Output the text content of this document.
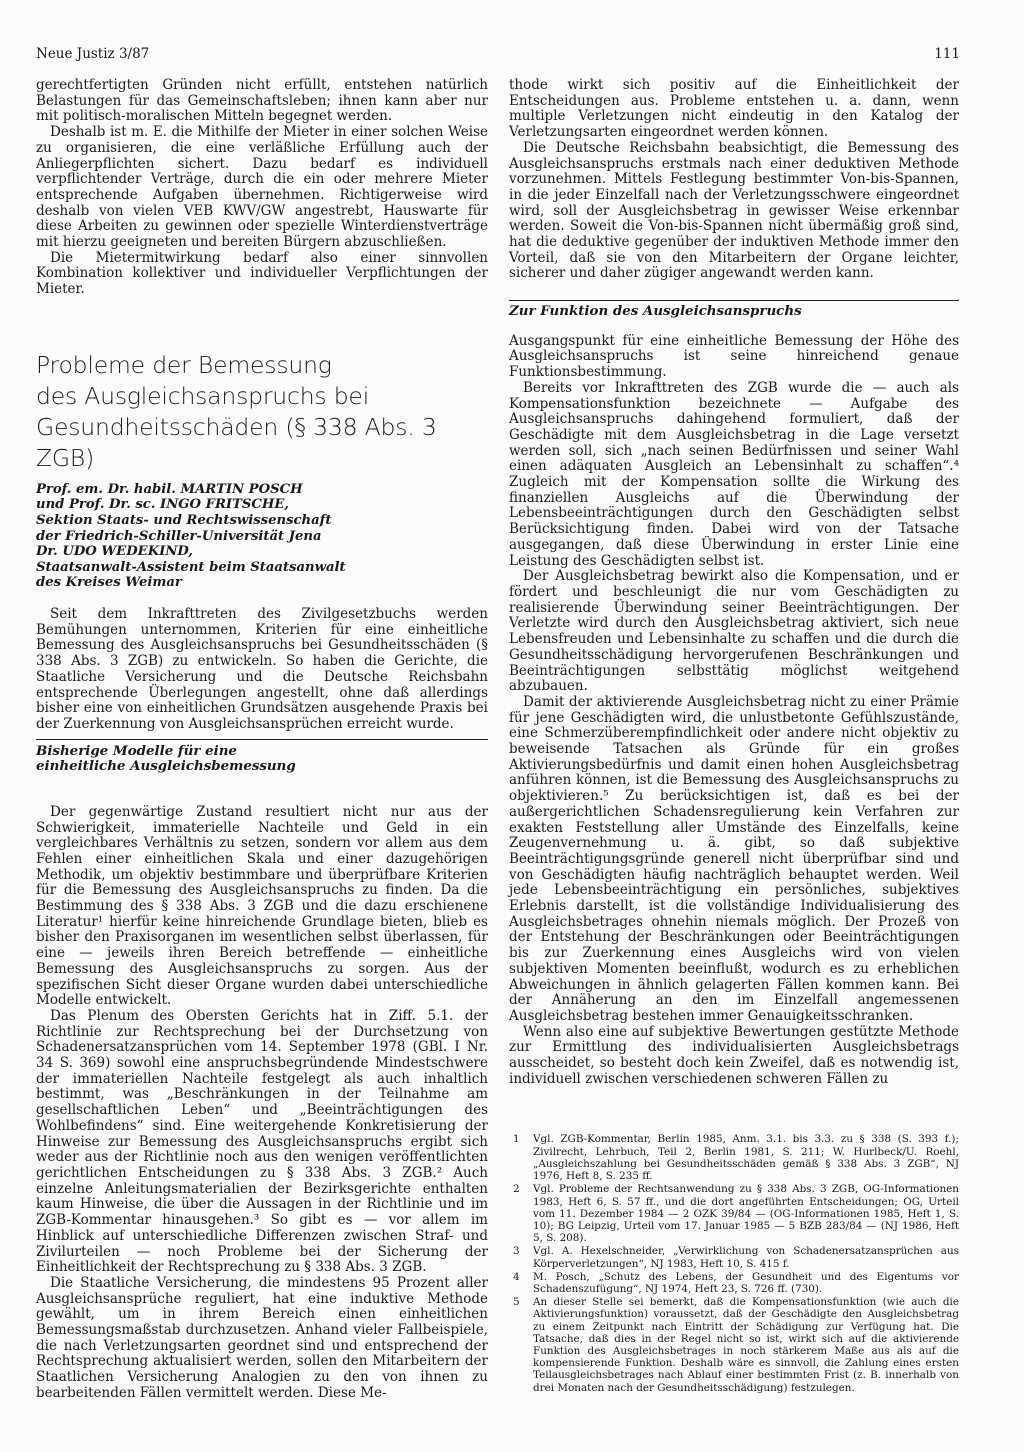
Neue Justiz 3/87	111

gerechtfertigten Gründen nicht erfüllt, entstehen natürlich Belastungen für das Gemeinschaftsleben; ihnen kann aber nur mit politisch-moralischen Mitteln begegnet werden.

Deshalb ist m. E. die Mithilfe der Mieter in einer solchen Weise zu organisieren, die eine verläßliche Erfüllung auch der Anliegerpflichten sichert. Dazu bedarf es individuell verpflichtender Verträge, durch die ein oder mehrere Mieter entsprechende Aufgaben übernehmen. Richtigerweise wird deshalb von vielen VEB KWV/GW angestrebt, Hauswarte für diese Arbeiten zu gewinnen oder spezielle Winterdienstverträge mit hierzu geeigneten und bereiten Bürgern abzuschließen.

Die Mietermitwirkung bedarf also einer sinnvollen Kombination kollektiver und individueller Verpflichtungen der Mieter.

Probleme der Bemessung
des Ausgleichsanspruchs bei
Gesundheitsschäden (§ 338 Abs. 3 ZGB)
Prof. em. Dr. habil. MARTIN POSCH
und Prof. Dr. sc. INGO FRITSCHE,
Sektion Staats- und Rechtswissenschaft
der Friedrich-Schiller-Universität Jena
Dr. UDO WEDEKIND,
Staatsanwalt-Assistent beim Staatsanwalt
des Kreises Weimar

Seit dem Inkrafttreten des Zivilgesetzbuchs werden Bemühungen unternommen, Kriterien für eine einheitliche Bemessung des Ausgleichsanspruchs bei Gesundheitsschäden (§ 338 Abs. 3 ZGB) zu entwickeln. So haben die Gerichte, die Staatliche Versicherung und die Deutsche Reichsbahn entsprechende Überlegungen angestellt, ohne daß allerdings bisher eine von einheitlichen Grundsätzen ausgehende Praxis bei der Zuerkennung von Ausgleichsansprüchen erreicht wurde.

Bisherige Modelle für eine
einheitliche Ausgleichsbemessung

Der gegenwärtige Zustand resultiert nicht nur aus der Schwierigkeit, immaterielle Nachteile und Geld in ein vergleichbares Verhältnis zu setzen, sondern vor allem aus dem Fehlen einer einheitlichen Skala und einer dazugehörigen Methodik, um objektiv bestimmbare und überprüfbare Kriterien für die Bemessung des Ausgleichsanspruchs zu finden. Da die Bestimmung des § 338 Abs. 3 ZGB und die dazu erschienene Literatur¹ hierfür keine hinreichende Grundlage bieten, blieb es bisher den Praxisorganen im wesentlichen selbst überlassen, für eine — jeweils ihren Bereich betreffende — einheitliche Bemessung des Ausgleichsanspruchs zu sorgen. Aus der spezifischen Sicht dieser Organe wurden dabei unterschiedliche Modelle entwickelt.

Das Plenum des Obersten Gerichts hat in Ziff. 5.1. der Richtlinie zur Rechtsprechung bei der Durchsetzung von Schadenersatzansprüchen vom 14. September 1978 (GBl. I Nr. 34 S. 369) sowohl eine anspruchsbegründende Mindestschwere der immateriellen Nachteile festgelegt als auch inhaltlich bestimmt, was „Beschränkungen in der Teilnahme am gesellschaftlichen Leben“ und „Beeinträchtigungen des Wohlbefindens“ sind. Eine weitergehende Konkretisierung der Hinweise zur Bemessung des Ausgleichsanspruchs ergibt sich weder aus der Richtlinie noch aus den wenigen veröffentlichten gerichtlichen Entscheidungen zu § 338 Abs. 3 ZGB.² Auch einzelne Anleitungsmaterialien der Bezirksgerichte enthalten kaum Hinweise, die über die Aussagen in der Richtlinie und im ZGB-Kommentar hinausgehen.³ So gibt es — vor allem im Hinblick auf unterschiedliche Differenzen zwischen Straf- und Zivilurteilen — noch Probleme bei der Sicherung der Einheitlichkeit der Rechtsprechung zu § 338 Abs. 3 ZGB.

Die Staatliche Versicherung, die mindestens 95 Prozent aller Ausgleichsansprüche reguliert, hat eine induktive Methode gewählt, um in ihrem Bereich einen einheitlichen Bemessungsmaßstab durchzusetzen. Anhand vieler Fallbeispiele, die nach Verletzungsarten geordnet sind und entsprechend der Rechtsprechung aktualisiert werden, sollen den Mitarbeitern der Staatlichen Versicherung Analogien zu den von ihnen zu bearbeitenden Fällen vermittelt werden. Diese Me-

thode wirkt sich positiv auf die Einheitlichkeit der Entscheidungen aus. Probleme entstehen u. a. dann, wenn multiple Verletzungen nicht eindeutig in den Katalog der Verletzungsarten eingeordnet werden können.

Die Deutsche Reichsbahn beabsichtigt, die Bemessung des Ausgleichsanspruchs erstmals nach einer deduktiven Methode vorzunehmen. Mittels Festlegung bestimmter Von-bis-Spannen, in die jeder Einzelfall nach der Verletzungsschwere eingeordnet wird, soll der Ausgleichsbetrag in gewisser Weise erkennbar werden. Soweit die Von-bis-Spannen nicht übermäßig groß sind, hat die deduktive gegenüber der induktiven Methode immer den Vorteil, daß sie von den Mitarbeitern der Organe leichter, sicherer und daher zügiger angewandt werden kann.

Zur Funktion des Ausgleichsanspruchs

Ausgangspunkt für eine einheitliche Bemessung der Höhe des Ausgleichsanspruchs ist seine hinreichend genaue Funktionsbestimmung.

Bereits vor Inkrafttreten des ZGB wurde die — auch als Kompensationsfunktion bezeichnete — Aufgabe des Ausgleichsanspruchs dahingehend formuliert, daß der Geschädigte mit dem Ausgleichsbetrag in die Lage versetzt werden soll, sich „nach seinen Bedürfnissen und seiner Wahl einen adäquaten Ausgleich an Lebensinhalt zu schaffen“.⁴ Zugleich mit der Kompensation sollte die Wirkung des finanziellen Ausgleichs auf die Überwindung der Lebensbeeinträchtigungen durch den Geschädigten selbst Berücksichtigung finden. Dabei wird von der Tatsache ausgegangen, daß diese Überwindung in erster Linie eine Leistung des Geschädigten selbst ist.

Der Ausgleichsbetrag bewirkt also die Kompensation, und er fördert und beschleunigt die nur vom Geschädigten zu realisierende Überwindung seiner Beeinträchtigungen. Der Verletzte wird durch den Ausgleichsbetrag aktiviert, sich neue Lebensfreuden und Lebensinhalte zu schaffen und die durch die Gesundheitsschädigung hervorgerufenen Beschränkungen und Beeinträchtigungen selbsttätig möglichst weitgehend abzubauen.

Damit der aktivierende Ausgleichsbetrag nicht zu einer Prämie für jene Geschädigten wird, die unlustbetonte Gefühlszustände, eine Schmerzüberempfindlichkeit oder andere nicht objektiv zu beweisende Tatsachen als Gründe für ein großes Aktivierungsbedürfnis und damit einen hohen Ausgleichsbetrag anführen können, ist die Bemessung des Ausgleichsanspruchs zu objektivieren.⁵ Zu berücksichtigen ist, daß es bei der außergerichtlichen Schadensregulierung kein Verfahren zur exakten Feststellung aller Umstände des Einzelfalls, keine Zeugenvernehmung u. ä. gibt, so daß subjektive Beeinträchtigungsgründe generell nicht überprüfbar sind und von Geschädigten häufig nachträglich behauptet werden. Weil jede Lebensbeeinträchtigung ein persönliches, subjektives Erlebnis darstellt, ist die vollständige Individualisierung des Ausgleichsbetrages ohnehin niemals möglich. Der Prozeß von der Entstehung der Beschränkungen oder Beeinträchtigungen bis zur Zuerkennung eines Ausgleichs wird von vielen subjektiven Momenten beeinflußt, wodurch es zu erheblichen Abweichungen in ähnlich gelagerten Fällen kommen kann. Bei der Annäherung an den im Einzelfall angemessenen Ausgleichsbetrag bestehen immer Genauigkeitsschranken.

Wenn also eine auf subjektive Bewertungen gestützte Methode zur Ermittlung des individualisierten Ausgleichsbetrags ausscheidet, so besteht doch kein Zweifel, daß es notwendig ist, individuell zwischen verschiedenen schweren Fällen zu

1	Vgl. ZGB-Kommentar, Berlin 1985, Anm. 3.1. bis 3.3. zu § 338 (S. 393 f.); Zivilrecht, Lehrbuch, Teil 2, Berlin 1981, S. 211; W. Hurlbeck/U. Roehl, „Ausgleichszahlung bei Gesundheitsschäden gemäß § 338 Abs. 3 ZGB“, NJ 1976, Heft 8, S. 235 ff.
2	Vgl. Probleme der Rechtsanwendung zu § 338 Abs. 3 ZGB, OG-Informationen 1983, Heft 6, S. 57 ff., und die dort angeführten Entscheidungen; OG, Urteil vom 11. Dezember 1984 — 2 OZK 39/84 — (OG-Informationen 1985, Heft 1, S. 10); BG Leipzig, Urteil vom 17. Januar 1985 — 5 BZB 283/84 — (NJ 1986, Heft 5, S. 208).
3	Vgl. A. Hexelschneider, „Verwirklichung von Schadenersatzansprüchen aus Körperverletzungen“, NJ 1983, Heft 10, S. 415 f.
4	M. Posch, „Schutz des Lebens, der Gesundheit und des Eigentums vor Schadenszufügung“, NJ 1974, Heft 23, S. 726 ff. (730).
5	An dieser Stelle sei bemerkt, daß die Kompensationsfunktion (wie auch die Aktivierungsfunktion) voraussetzt, daß der Geschädigte den Ausgleichsbetrag zu einem Zeitpunkt nach Eintritt der Schädigung zur Verfügung hat. Die Tatsache, daß dies in der Regel nicht so ist, wirkt sich auf die aktivierende Funktion des Ausgleichsbetrages in noch stärkerem Maße aus als auf die kompensierende Funktion. Deshalb wäre es sinnvoll, die Zahlung eines ersten Teilausgleichsbetrages nach Ablauf einer bestimmten Frist (z. B. innerhalb von drei Monaten nach der Gesundheitsschädigung) festzulegen.
